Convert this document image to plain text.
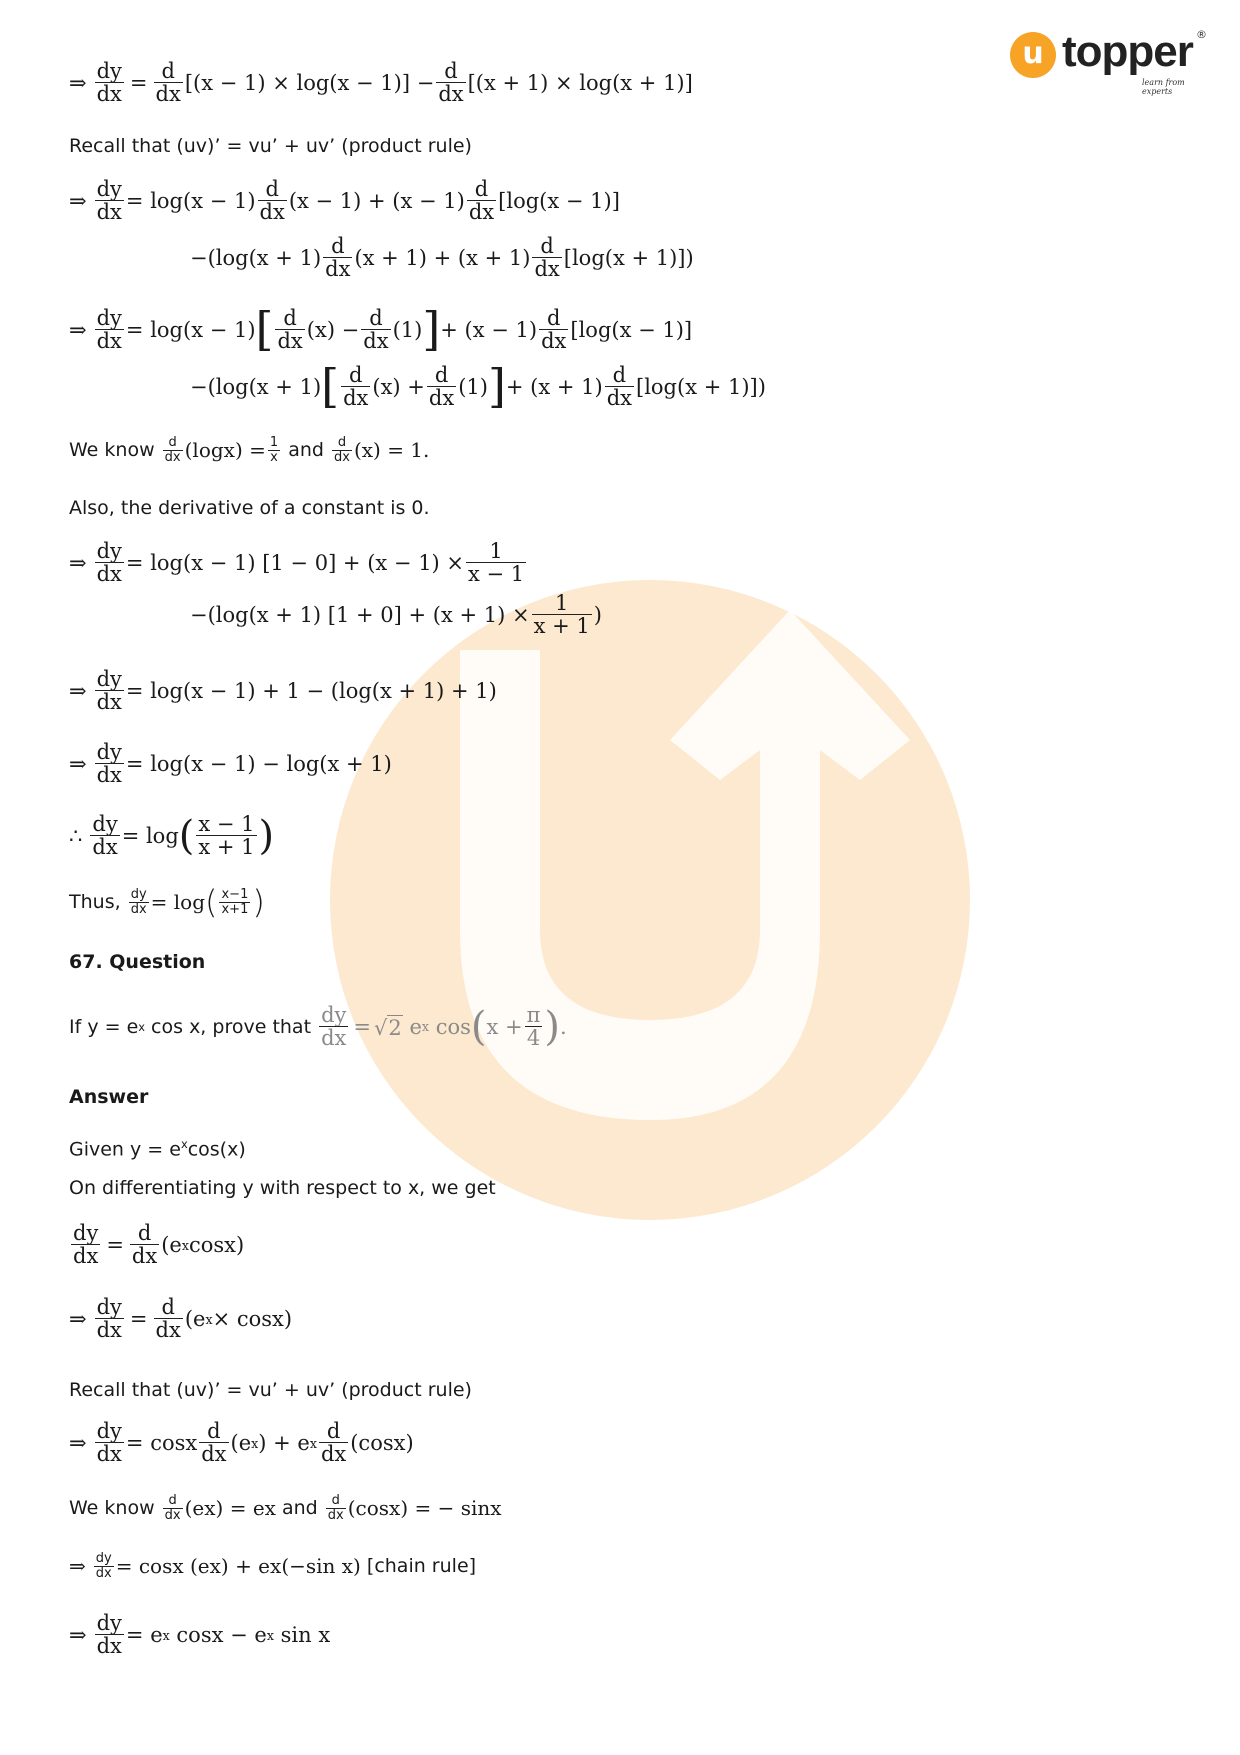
u topper ®
learn from experts
⇒ $\frac{dy}{dx} = \frac{d}{dx} [(x - 1) \times \log(x - 1)] - \frac{d}{dx} [(x + 1) \times \log(x + 1)]$

Recall that (uv)’ = vu’ + uv’ (product rule)

⇒ $\frac{dy}{dx} = \log(x - 1) \frac{d}{dx} (x - 1) + (x - 1) \frac{d}{dx} [\log(x - 1)]$
−( $\log(x + 1) \frac{d}{dx} (x + 1) + (x + 1) \frac{d}{dx} [\log(x + 1)]$)
⇒ $\frac{dy}{dx} = \log(x - 1)$ [ $\frac{d}{dx} (x) - \frac{d}{dx} (1)$ ] + $(x - 1) \frac{d}{dx} [\log(x - 1)]$
−( log(x + 1) [ $\frac{d}{dx} (x) + \frac{d}{dx} (1)$ ] + $(x + 1) \frac{d}{dx} [\log(x + 1)]$)
We know
$\frac{d}{dx} (\log x) = \frac{1}{x}$
and
$\frac{d}{dx} (x) = 1$.

Also, the derivative of a constant is 0.

⇒ $\frac{dy}{dx} = \log(x - 1) [1 - 0] + (x - 1) \times \frac{1}{x - 1}$
−(log(x + 1) $[1 + 0] + (x + 1) \times \frac{1}{x + 1}$ )
⇒ $\frac{dy}{dx} = \log(x - 1) + 1 - (\log(x + 1) + 1)$
⇒ $\frac{dy}{dx} = \log(x - 1) - \log(x + 1)$
∴ $\frac{dy}{dx} = \log$ ( $\frac{x - 1}{x + 1}$ )
Thus,
$\frac{dy}{dx} = \log$ ( $\frac{x-1}{x+1}$ )

67. Question

If y = e x cos x, prove that
$\frac{dy}{dx}$ = √ 2
e x
cos ( $x + \frac{\pi}{4}$ ) .

Answer

Given $y = e^x\cos(x)$

On differentiating y with respect to x, we get

$\frac{dy}{dx} = \frac{d}{dx} (e$ x cosx)
⇒ $\frac{dy}{dx} = \frac{d}{dx} (e$ x × cosx)

Recall that (uv)’ = vu’ + uv’ (product rule)

⇒ $\frac{dy}{dx} = \cos x \frac{d}{dx} (e$ x ) + e x $\frac{d}{dx} (\cos x)$
We know
$\frac{d}{dx} (e$ x ) = e x
and
$\frac{d}{dx} (\cos x)$ = − sinx
⇒ $\frac{dy}{dx} = \cos x$ (e x ) + e x (−sin x)
[chain rule]
⇒ $\frac{dy}{dx} = e$ x
cosx − e x
sin x
